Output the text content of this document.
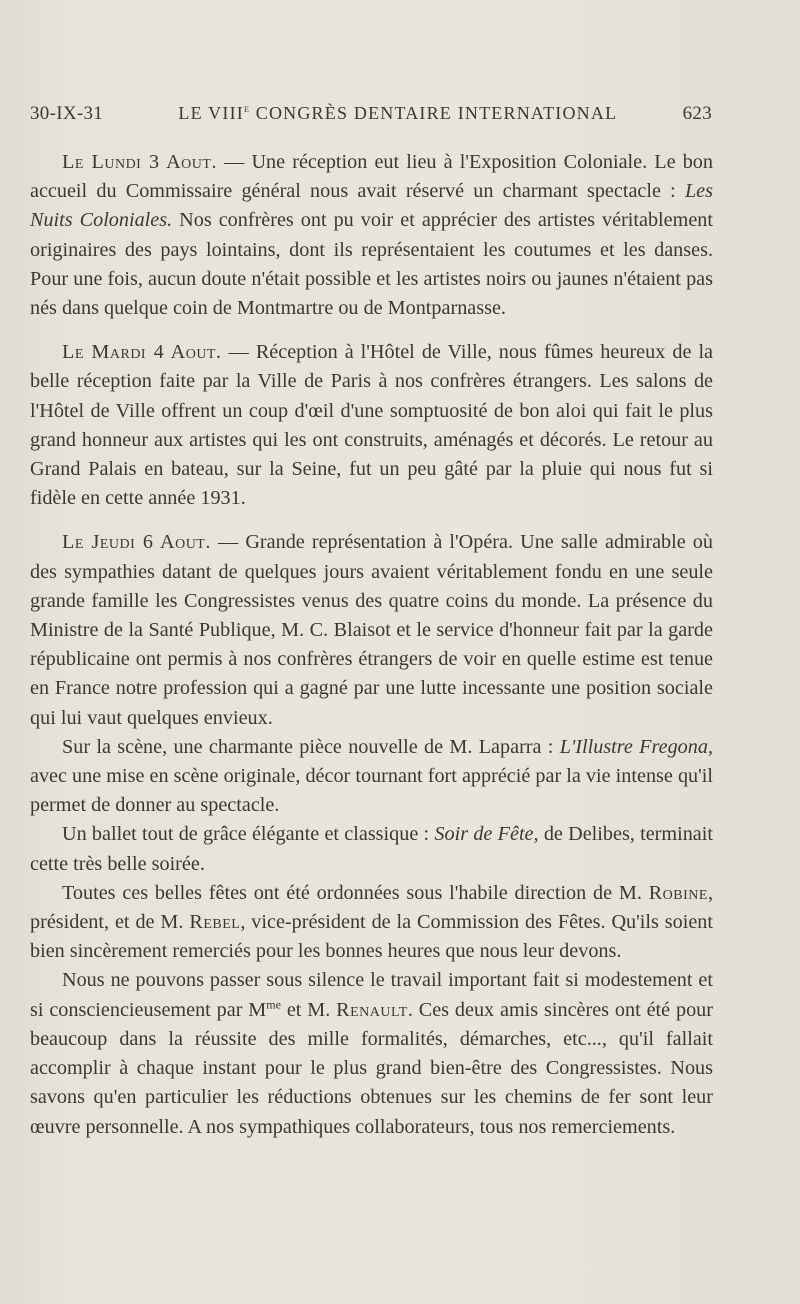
30-IX-31	LE VIIIe CONGRÈS DENTAIRE INTERNATIONAL	623

Le Lundi 3 Aout. — Une réception eut lieu à l'Exposition Coloniale. Le bon accueil du Commissaire général nous avait réservé un charmant spectacle : Les Nuits Coloniales. Nos confrères ont pu voir et apprécier des artistes véritablement originaires des pays lointains, dont ils représentaient les coutumes et les danses. Pour une fois, aucun doute n'était possible et les artistes noirs ou jaunes n'étaient pas nés dans quelque coin de Montmartre ou de Montparnasse.

Le Mardi 4 Aout. — Réception à l'Hôtel de Ville, nous fûmes heureux de la belle réception faite par la Ville de Paris à nos confrères étrangers. Les salons de l'Hôtel de Ville offrent un coup d'œil d'une somptuosité de bon aloi qui fait le plus grand honneur aux artistes qui les ont construits, aménagés et décorés. Le retour au Grand Palais en bateau, sur la Seine, fut un peu gâté par la pluie qui nous fut si fidèle en cette année 1931.

Le Jeudi 6 Aout. — Grande représentation à l'Opéra. Une salle admirable où des sympathies datant de quelques jours avaient véritablement fondu en une seule grande famille les Congressistes venus des quatre coins du monde. La présence du Ministre de la Santé Publique, M. C. Blaisot et le service d'honneur fait par la garde républicaine ont permis à nos confrères étrangers de voir en quelle estime est tenue en France notre profession qui a gagné par une lutte incessante une position sociale qui lui vaut quelques envieux.

Sur la scène, une charmante pièce nouvelle de M. Laparra : L'Illustre Fregona, avec une mise en scène originale, décor tournant fort apprécié par la vie intense qu'il permet de donner au spectacle.

Un ballet tout de grâce élégante et classique : Soir de Fête, de Delibes, terminait cette très belle soirée.

Toutes ces belles fêtes ont été ordonnées sous l'habile direction de M. Robine, président, et de M. Rebel, vice-président de la Commission des Fêtes. Qu'ils soient bien sincèrement remerciés pour les bonnes heures que nous leur devons.

Nous ne pouvons passer sous silence le travail important fait si modestement et si consciencieusement par $M^{me}$ et M. Renault. Ces deux amis sincères ont été pour beaucoup dans la réussite des mille formalités, démarches, etc..., qu'il fallait accomplir à chaque instant pour le plus grand bien-être des Congressistes. Nous savons qu'en particulier les réductions obtenues sur les chemins de fer sont leur œuvre personnelle. A nos sympathiques collaborateurs, tous nos remerciements.
